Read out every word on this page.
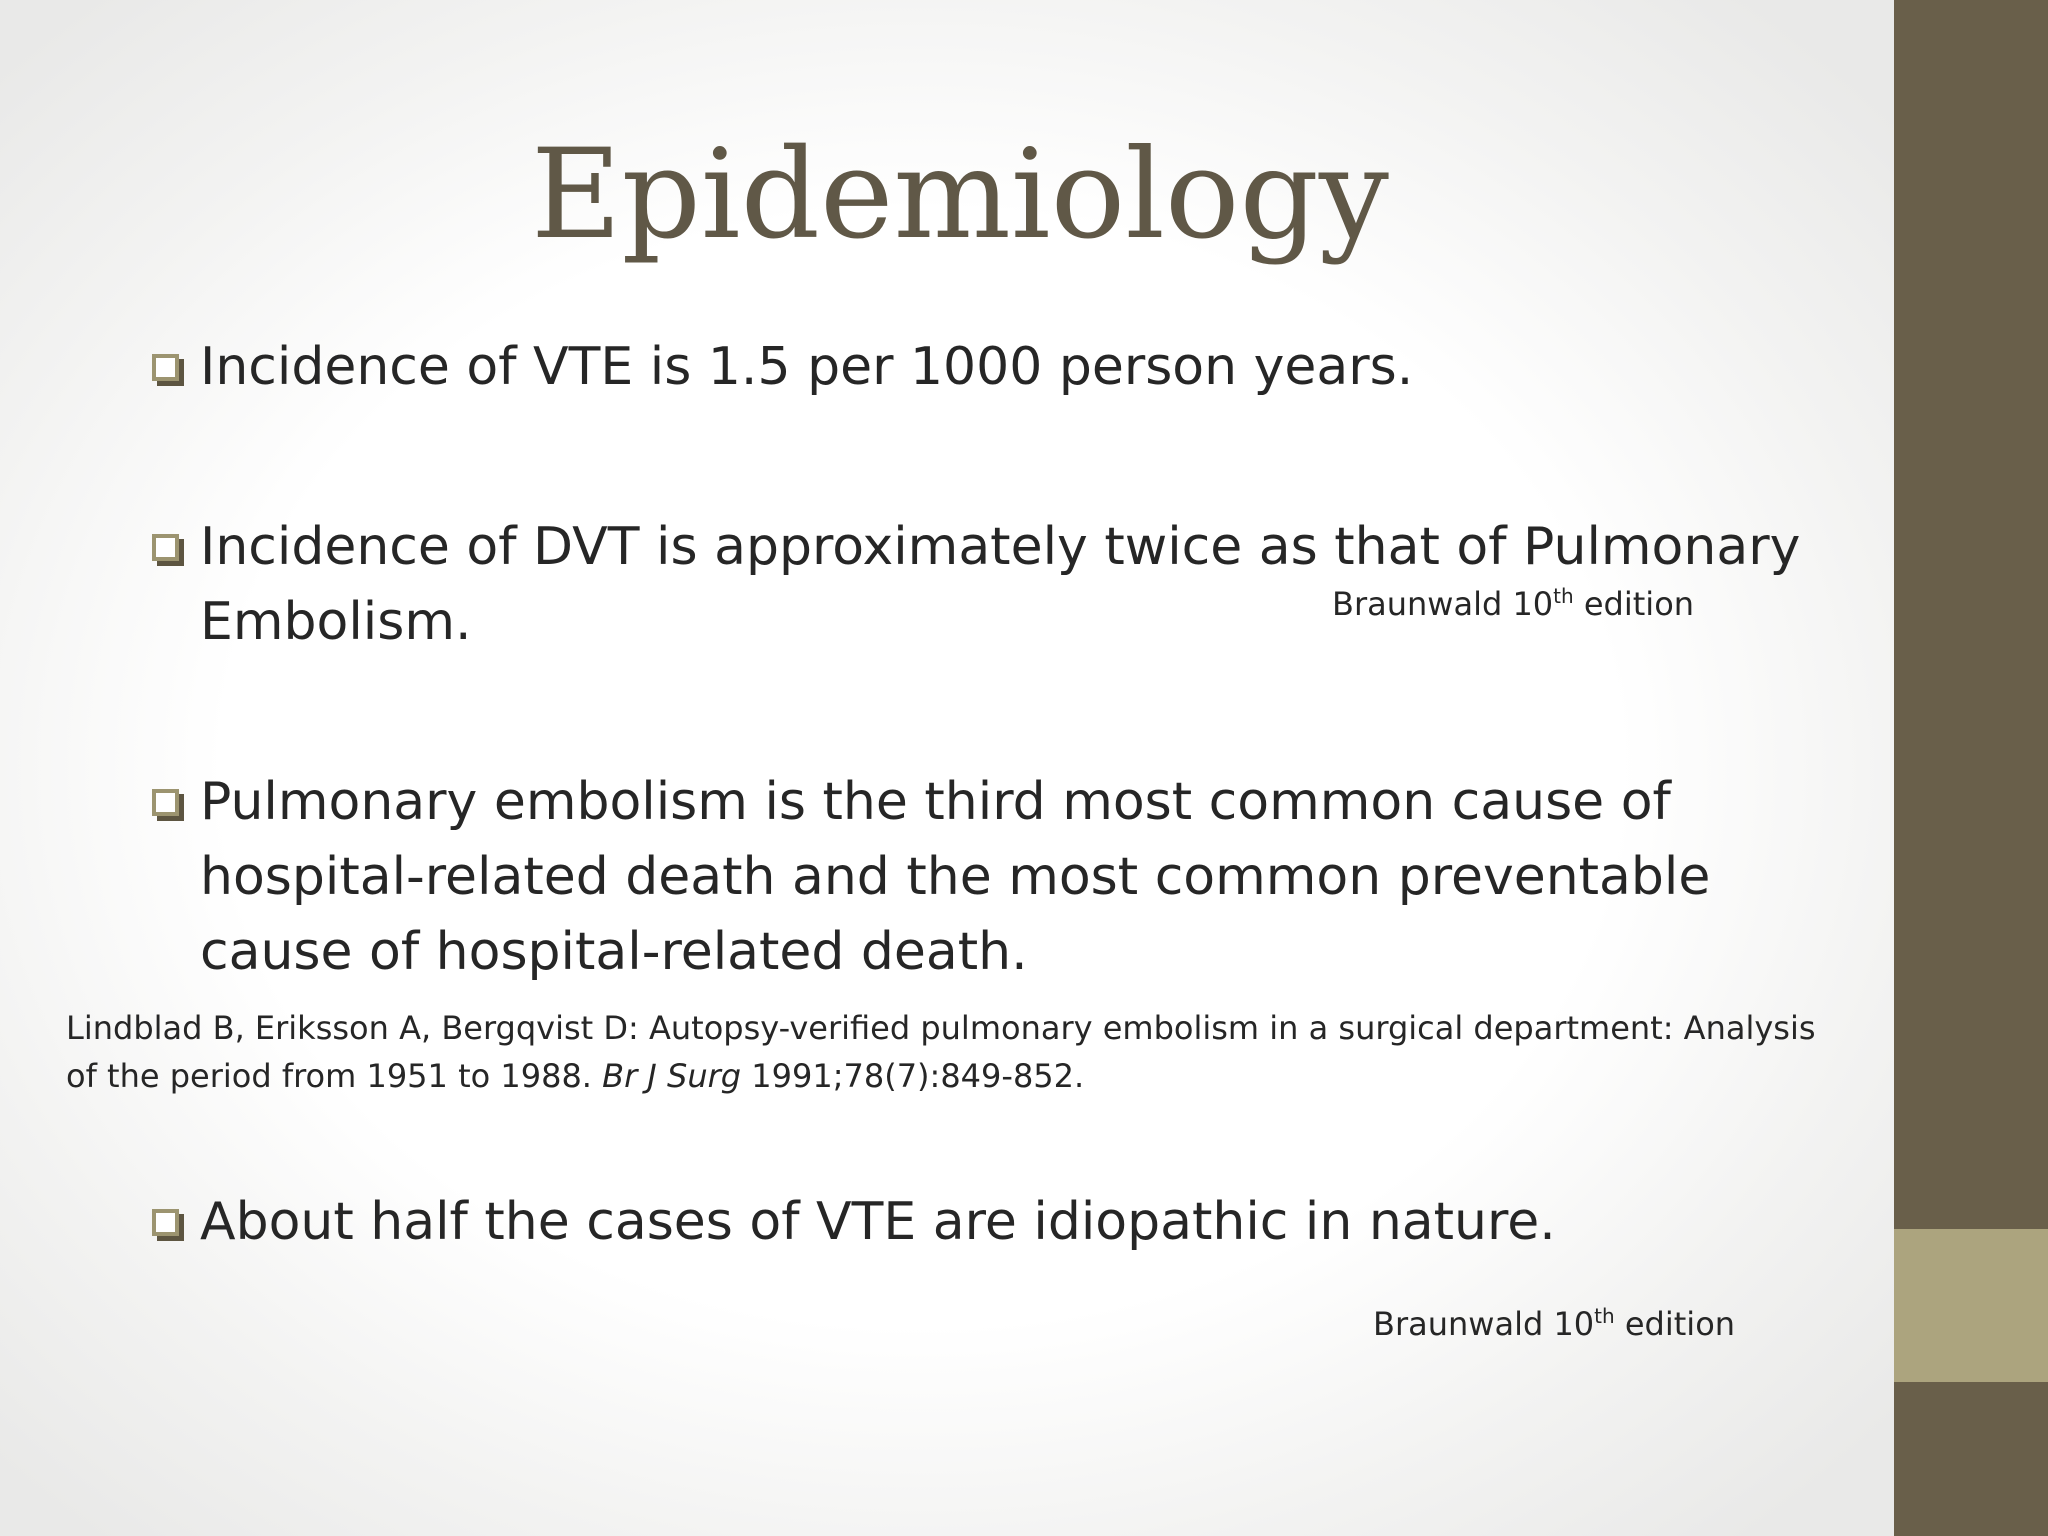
Epidemiology
Incidence of VTE is 1.5 per 1000 person years.
Incidence of DVT is approximately twice as that of Pulmonary Embolism.	Braunwald 10th edition
Pulmonary embolism is the third most common cause of hospital-related death and the most common preventable cause of hospital-related death.
Lindblad B, Eriksson A, Bergqvist D: Autopsy-verified pulmonary embolism in a surgical department: Analysis
of the period from 1951 to 1988. Br J Surg 1991;78(7):849-852.
About half the cases of VTE are idiopathic in nature.
Braunwald 10th edition
